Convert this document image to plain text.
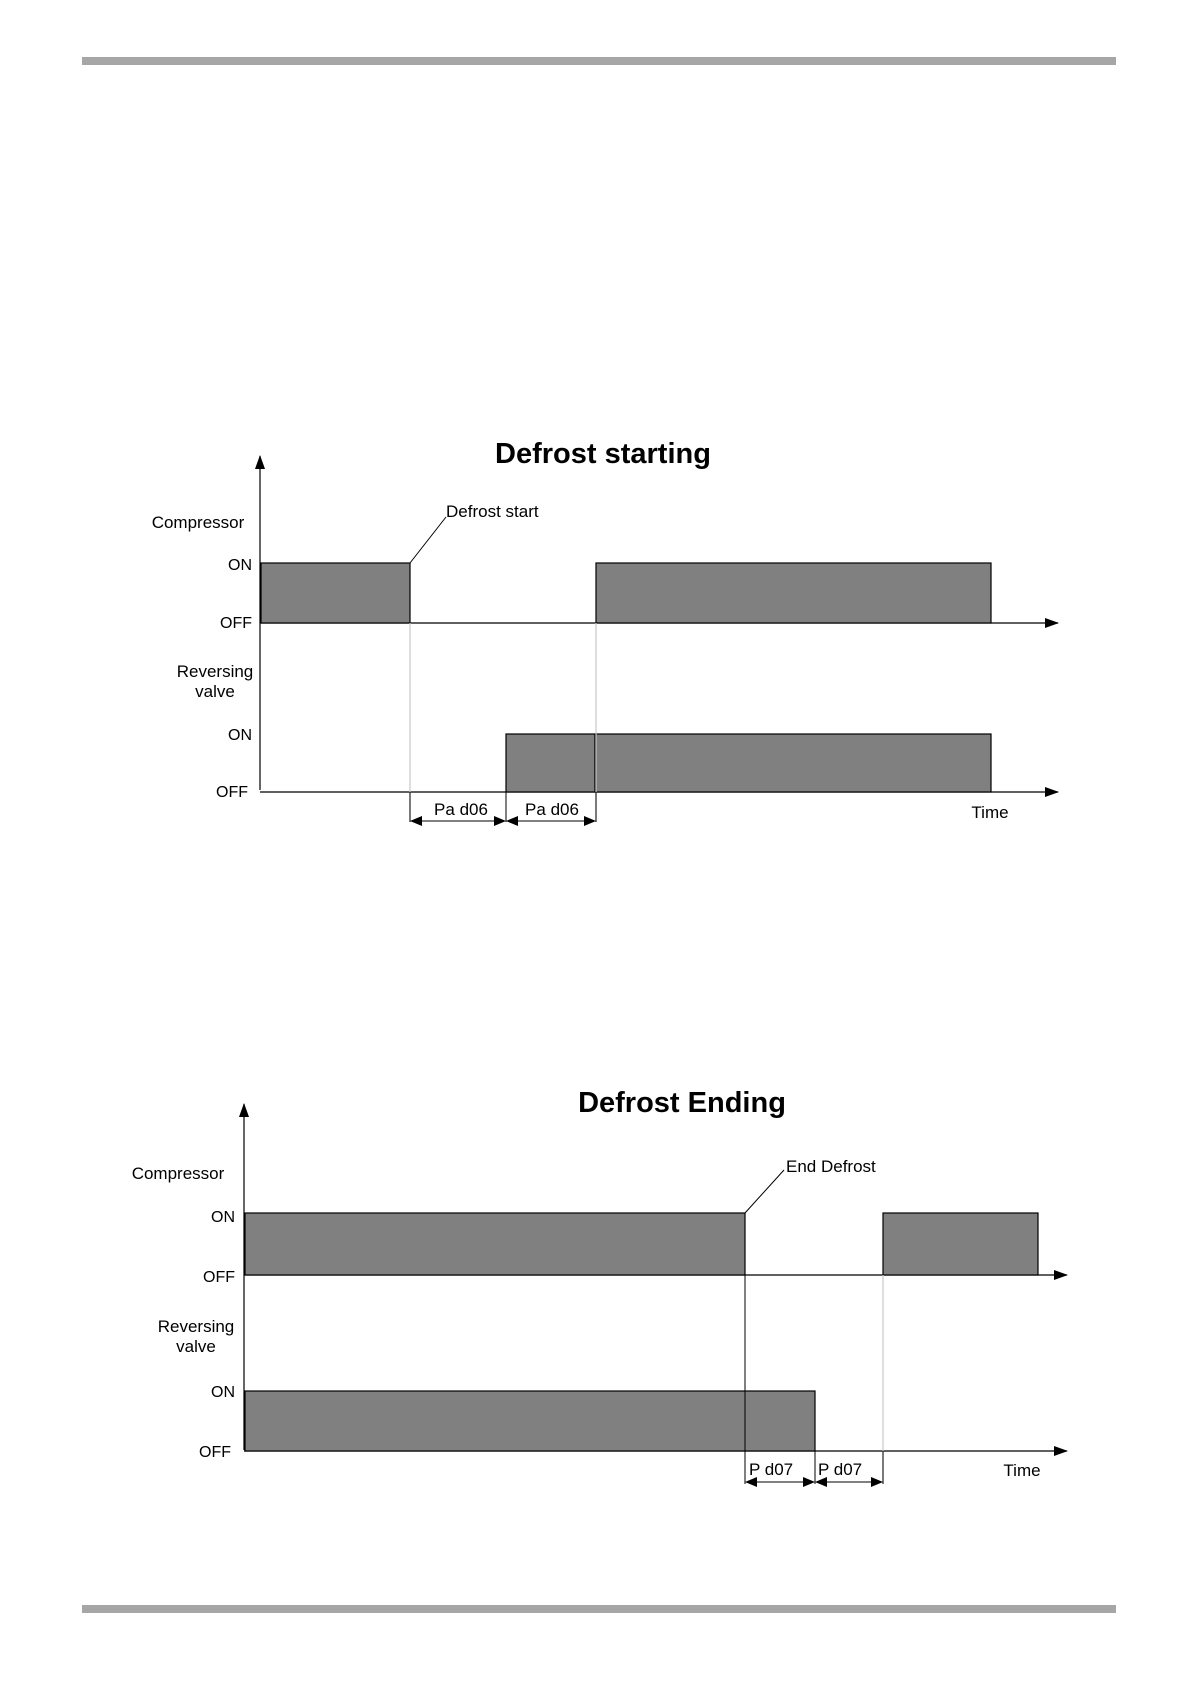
Defrost starting
Defrost start
Pa d06 Pa d06
Compressor
ON
OFF
Reversing
valve
ON
OFF
Time
Defrost Ending
End Defrost
P d07 P d07
Compressor
ON
OFF
Reversing
valve
ON
OFF
Time
